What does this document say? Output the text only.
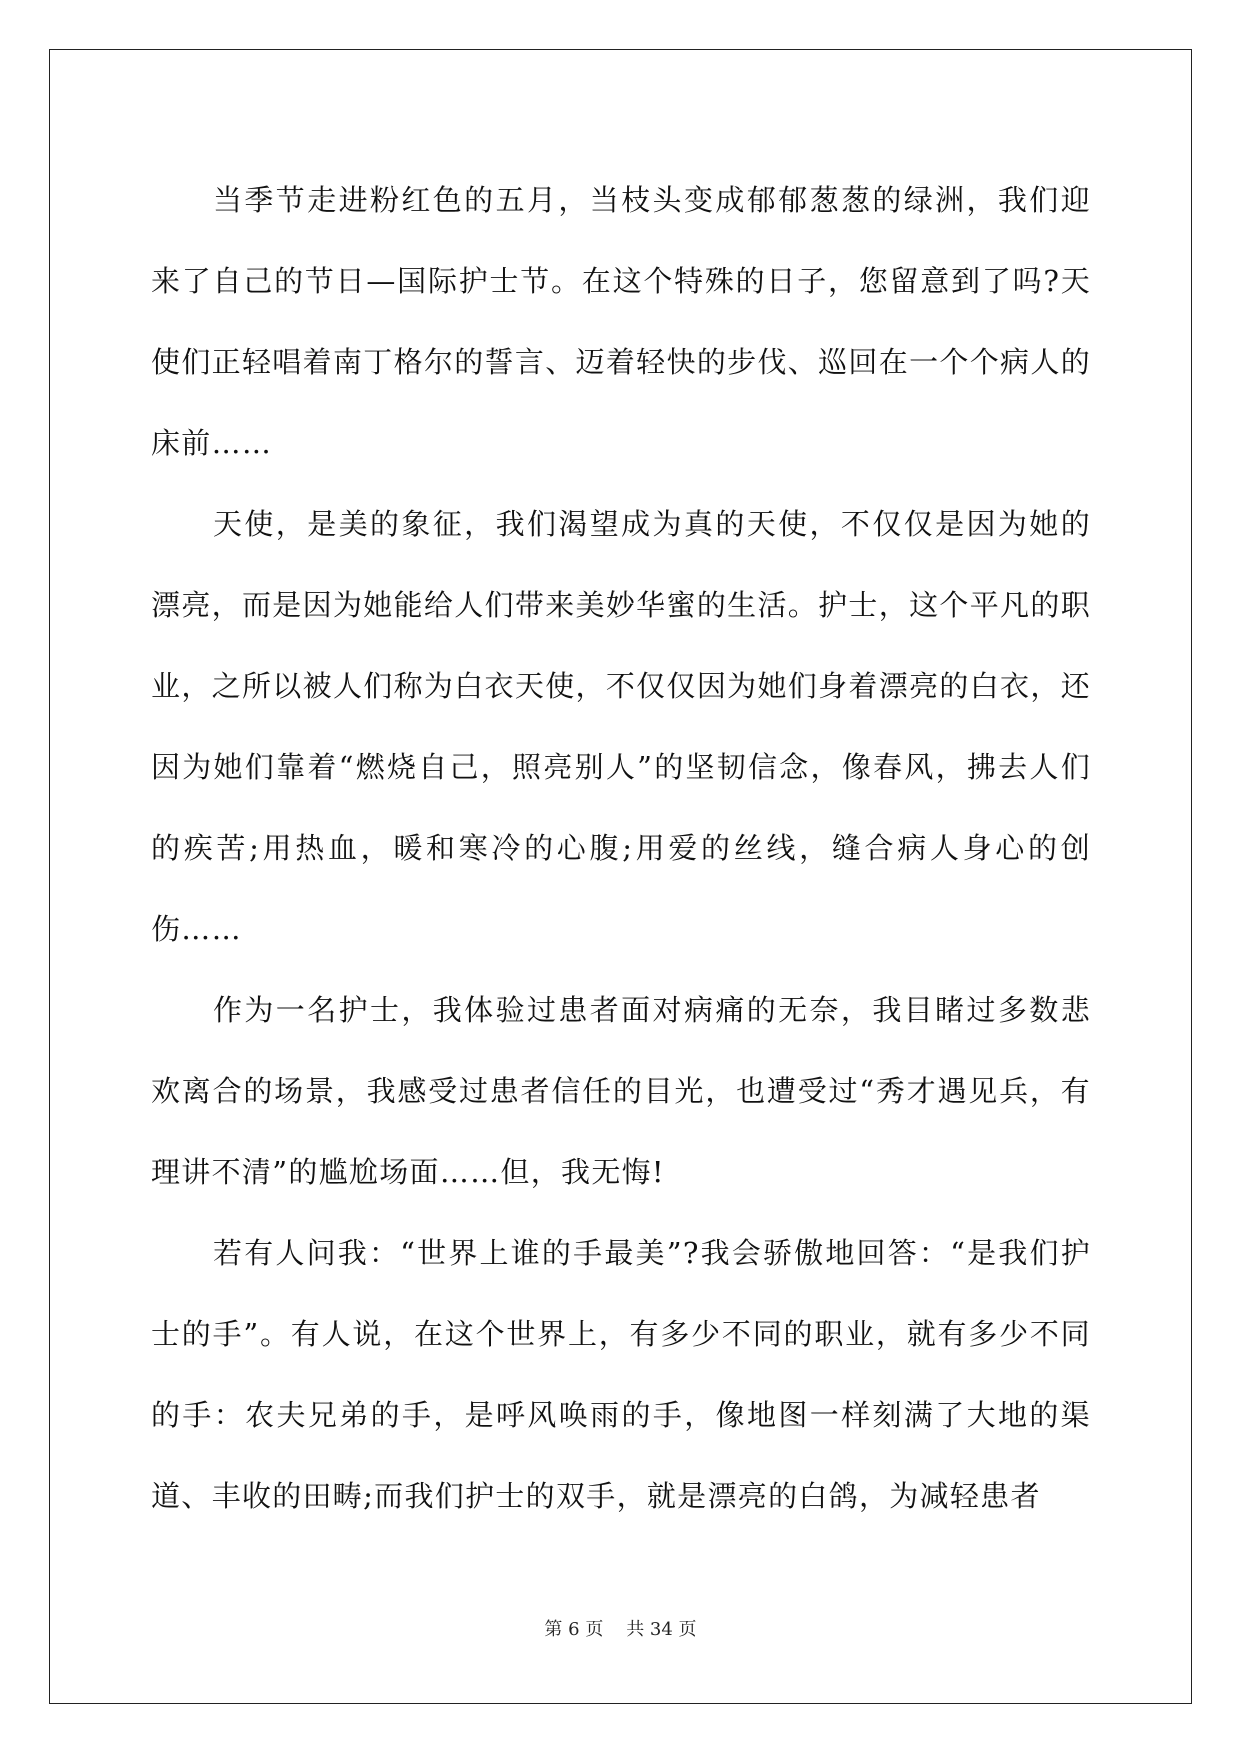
当季节走进粉红色的五月，当枝头变成郁郁葱葱的绿洲，我们迎来了自己的节日—国际护士节。在这个特殊的日子，您留意到了吗?天使们正轻唱着南丁格尔的誓言、迈着轻快的步伐、巡回在一个个病人的床前……

天使，是美的象征，我们渴望成为真的天使，不仅仅是因为她的漂亮，而是因为她能给人们带来美妙华蜜的生活。护士，这个平凡的职业，之所以被人们称为白衣天使，不仅仅因为她们身着漂亮的白衣，还因为她们靠着“燃烧自己，照亮别人”的坚韧信念，像春风，拂去人们的疾苦;用热血，暖和寒冷的心腹;用爱的丝线，缝合病人身心的创伤……

作为一名护士，我体验过患者面对病痛的无奈，我目睹过多数悲欢离合的场景，我感受过患者信任的目光，也遭受过“秀才遇见兵，有理讲不清”的尴尬场面……但，我无悔!

若有人问我：“世界上谁的手最美”?我会骄傲地回答：“是我们护士的手”。有人说，在这个世界上，有多少不同的职业，就有多少不同的手：农夫兄弟的手，是呼风唤雨的手，像地图一样刻满了大地的渠道、丰收的田畴;而我们护士的双手，就是漂亮的白鸽，为减轻患者

第 6 页    共 34 页
